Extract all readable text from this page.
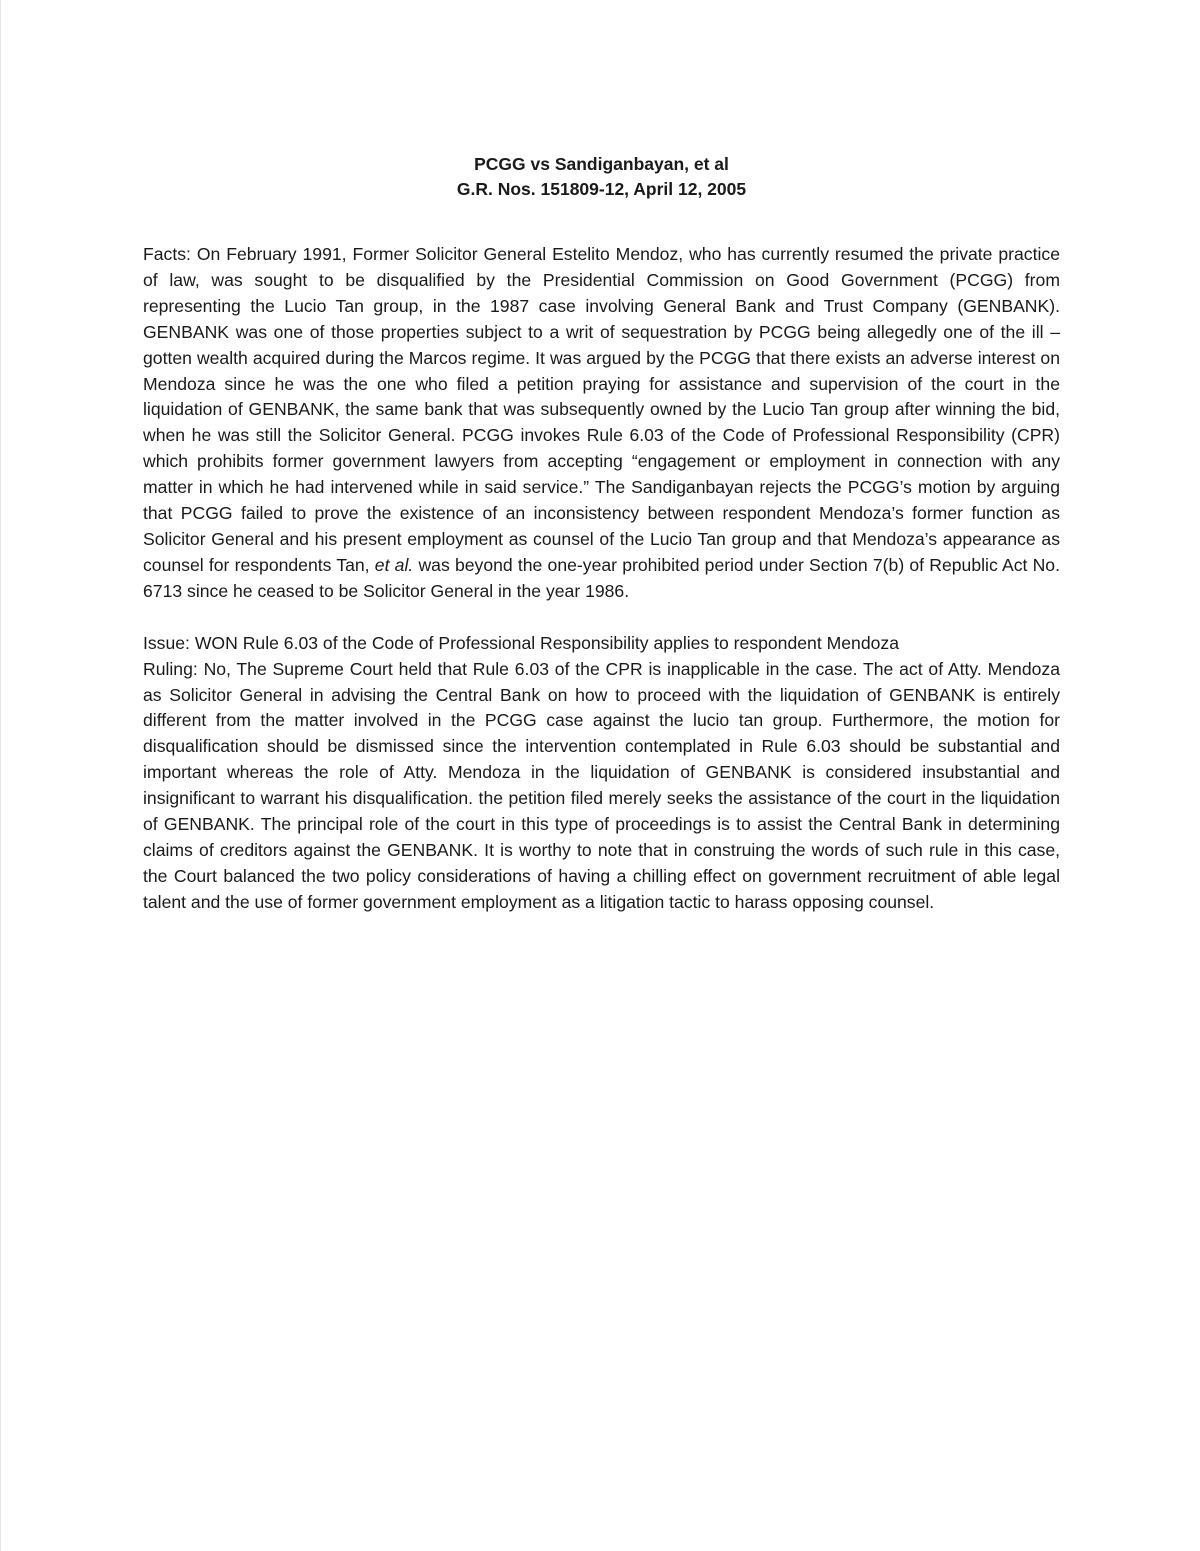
PCGG vs Sandiganbayan, et al
G.R. Nos. 151809-12, April 12, 2005

Facts: On February 1991, Former Solicitor General Estelito Mendoz, who has currently resumed the private practice of law, was sought to be disqualified by the Presidential Commission on Good Government (PCGG) from representing the Lucio Tan group, in the 1987 case involving General Bank and Trust Company (GENBANK). GENBANK was one of those properties subject to a writ of sequestration by PCGG being allegedly one of the ill –gotten wealth acquired during the Marcos regime. It was argued by the PCGG that there exists an adverse interest on Mendoza since he was the one who filed a petition praying for assistance and supervision of the court in the liquidation of GENBANK, the same bank that was subsequently owned by the Lucio Tan group after winning the bid, when he was still the Solicitor General. PCGG invokes Rule 6.03 of the Code of Professional Responsibility (CPR) which prohibits former government lawyers from accepting “engagement or employment in connection with any matter in which he had intervened while in said service.” The Sandiganbayan rejects the PCGG’s motion by arguing that PCGG failed to prove the existence of an inconsistency between respondent Mendoza’s former function as Solicitor General and his present employment as counsel of the Lucio Tan group and that Mendoza’s appearance as counsel for respondents Tan, et al. was beyond the one-year prohibited period under Section 7(b) of Republic Act No. 6713 since he ceased to be Solicitor General in the year 1986.

Issue: WON Rule 6.03 of the Code of Professional Responsibility applies to respondent Mendoza

Ruling: No, The Supreme Court held that Rule 6.03 of the CPR is inapplicable in the case. The act of Atty. Mendoza as Solicitor General in advising the Central Bank on how to proceed with the liquidation of GENBANK is entirely different from the matter involved in the PCGG case against the lucio tan group. Furthermore, the motion for disqualification should be dismissed since the intervention contemplated in Rule 6.03 should be substantial and important whereas the role of Atty. Mendoza in the liquidation of GENBANK is considered insubstantial and insignificant to warrant his disqualification. the petition filed merely seeks the assistance of the court in the liquidation of GENBANK. The principal role of the court in this type of proceedings is to assist the Central Bank in determining claims of creditors against the GENBANK. It is worthy to note that in construing the words of such rule in this case, the Court balanced the two policy considerations of having a chilling effect on government recruitment of able legal talent and the use of former government employment as a litigation tactic to harass opposing counsel.
